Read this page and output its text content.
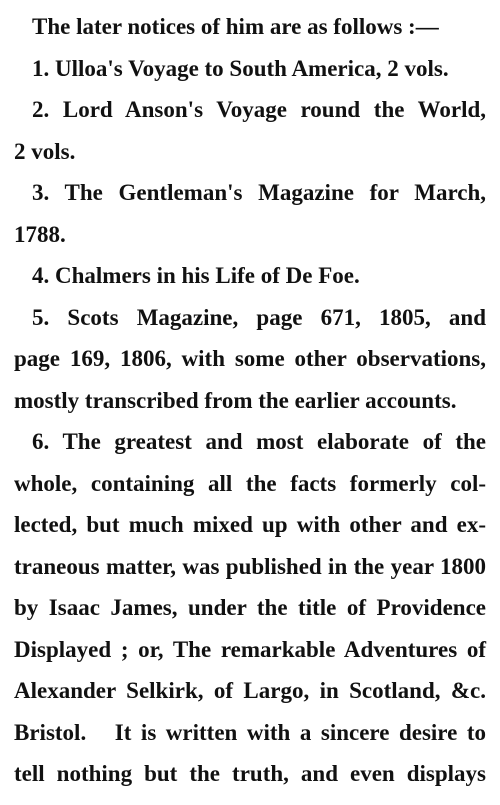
The later notices of him are as follows :—
1. Ulloa's Voyage to South America, 2 vols.
2. Lord Anson's Voyage round the World,
2 vols.
3. The Gentleman's Magazine for March,
1788.
4. Chalmers in his Life of De Foe.
5. Scots Magazine, page 671, 1805, and
page 169, 1806, with some other observations,
mostly transcribed from the earlier accounts.
6. The greatest and most elaborate of the
whole, containing all the facts formerly col-
lected, but much mixed up with other and ex-
traneous matter, was published in the year 1800
by Isaac James, under the title of Providence
Displayed ; or, The remarkable Adventures of
Alexander Selkirk, of Largo, in Scotland, &c.
Bristol.   It is written with a sincere desire to
tell nothing but the truth, and even displays
